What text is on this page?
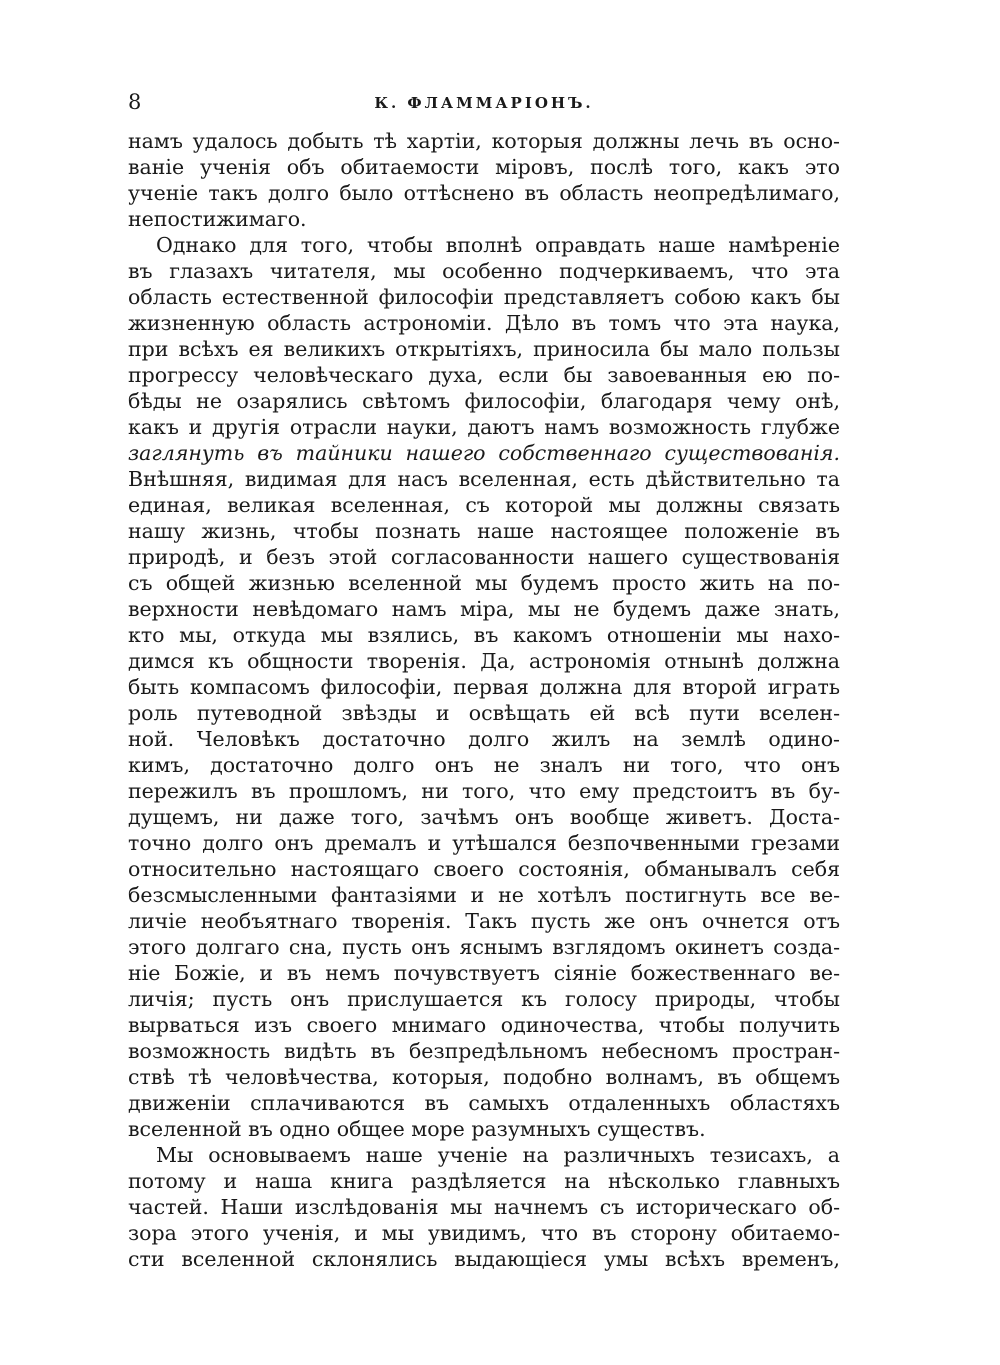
8	К. ФЛАММАРІОНЪ.
намъ удалось добыть тѣ хартіи, которыя должны лечь въ осно-
ваніе ученія объ обитаемости міровъ, послѣ того, какъ это
ученіе такъ долго было оттѣснено въ область неопредѣлимаго,
непостижимаго.
Однако для того, чтобы вполнѣ оправдать наше намѣреніе
въ глазахъ читателя, мы особенно подчеркиваемъ, что эта
область естественной философіи представляетъ собою какъ бы
жизненную область астрономіи. Дѣло въ томъ что эта наука,
при всѣхъ ея великихъ открытіяхъ, приносила бы мало пользы
прогрессу человѣческаго духа, если бы завоеванныя ею по-
бѣды не озарялись свѣтомъ философіи, благодаря чему онѣ,
какъ и другія отрасли науки, даютъ намъ возможность глубже
заглянуть въ тайники нашего собственнаго существованія.
Внѣшняя, видимая для насъ вселенная, есть дѣйствительно та
единая, великая вселенная, съ которой мы должны связать
нашу жизнь, чтобы познать наше настоящее положеніе въ
природѣ, и безъ этой согласованности нашего существованія
съ общей жизнью вселенной мы будемъ просто жить на по-
верхности невѣдомаго намъ міра, мы не будемъ даже знать,
кто мы, откуда мы взялись, въ какомъ отношеніи мы нахо-
димся къ общности творенія. Да, астрономія отнынѣ должна
быть компасомъ философіи, первая должна для второй играть
роль путеводной звѣзды и освѣщать ей всѣ пути вселен-
ной. Человѣкъ достаточно долго жилъ на землѣ одино-
кимъ, достаточно долго онъ не зналъ ни того, что онъ
пережилъ въ прошломъ, ни того, что ему предстоитъ въ бу-
дущемъ, ни даже того, зачѣмъ онъ вообще живетъ. Доста-
точно долго онъ дремалъ и утѣшался безпочвенными грезами
относительно настоящаго своего состоянія, обманывалъ себя
безсмысленными фантазіями и не хотѣлъ постигнуть все ве-
личіе необъятнаго творенія. Такъ пусть же онъ очнется отъ
этого долгаго сна, пусть онъ яснымъ взглядомъ окинетъ созда-
ніе Божіе, и въ немъ почувствуетъ сіяніе божественнаго ве-
личія; пусть онъ прислушается къ голосу природы, чтобы
вырваться изъ своего мнимаго одиночества, чтобы получить
возможность видѣть въ безпредѣльномъ небесномъ простран-
ствѣ тѣ человѣчества, которыя, подобно волнамъ, въ общемъ
движеніи сплачиваются въ самыхъ отдаленныхъ областяхъ
вселенной въ одно общее море разумныхъ существъ.
Мы основываемъ наше ученіе на различныхъ тезисахъ, а
потому и наша книга раздѣляется на нѣсколько главныхъ
частей. Наши изслѣдованія мы начнемъ съ историческаго об-
зора этого ученія, и мы увидимъ, что въ сторону обитаемо-
сти вселенной склонялись выдающіеся умы всѣхъ временъ,
